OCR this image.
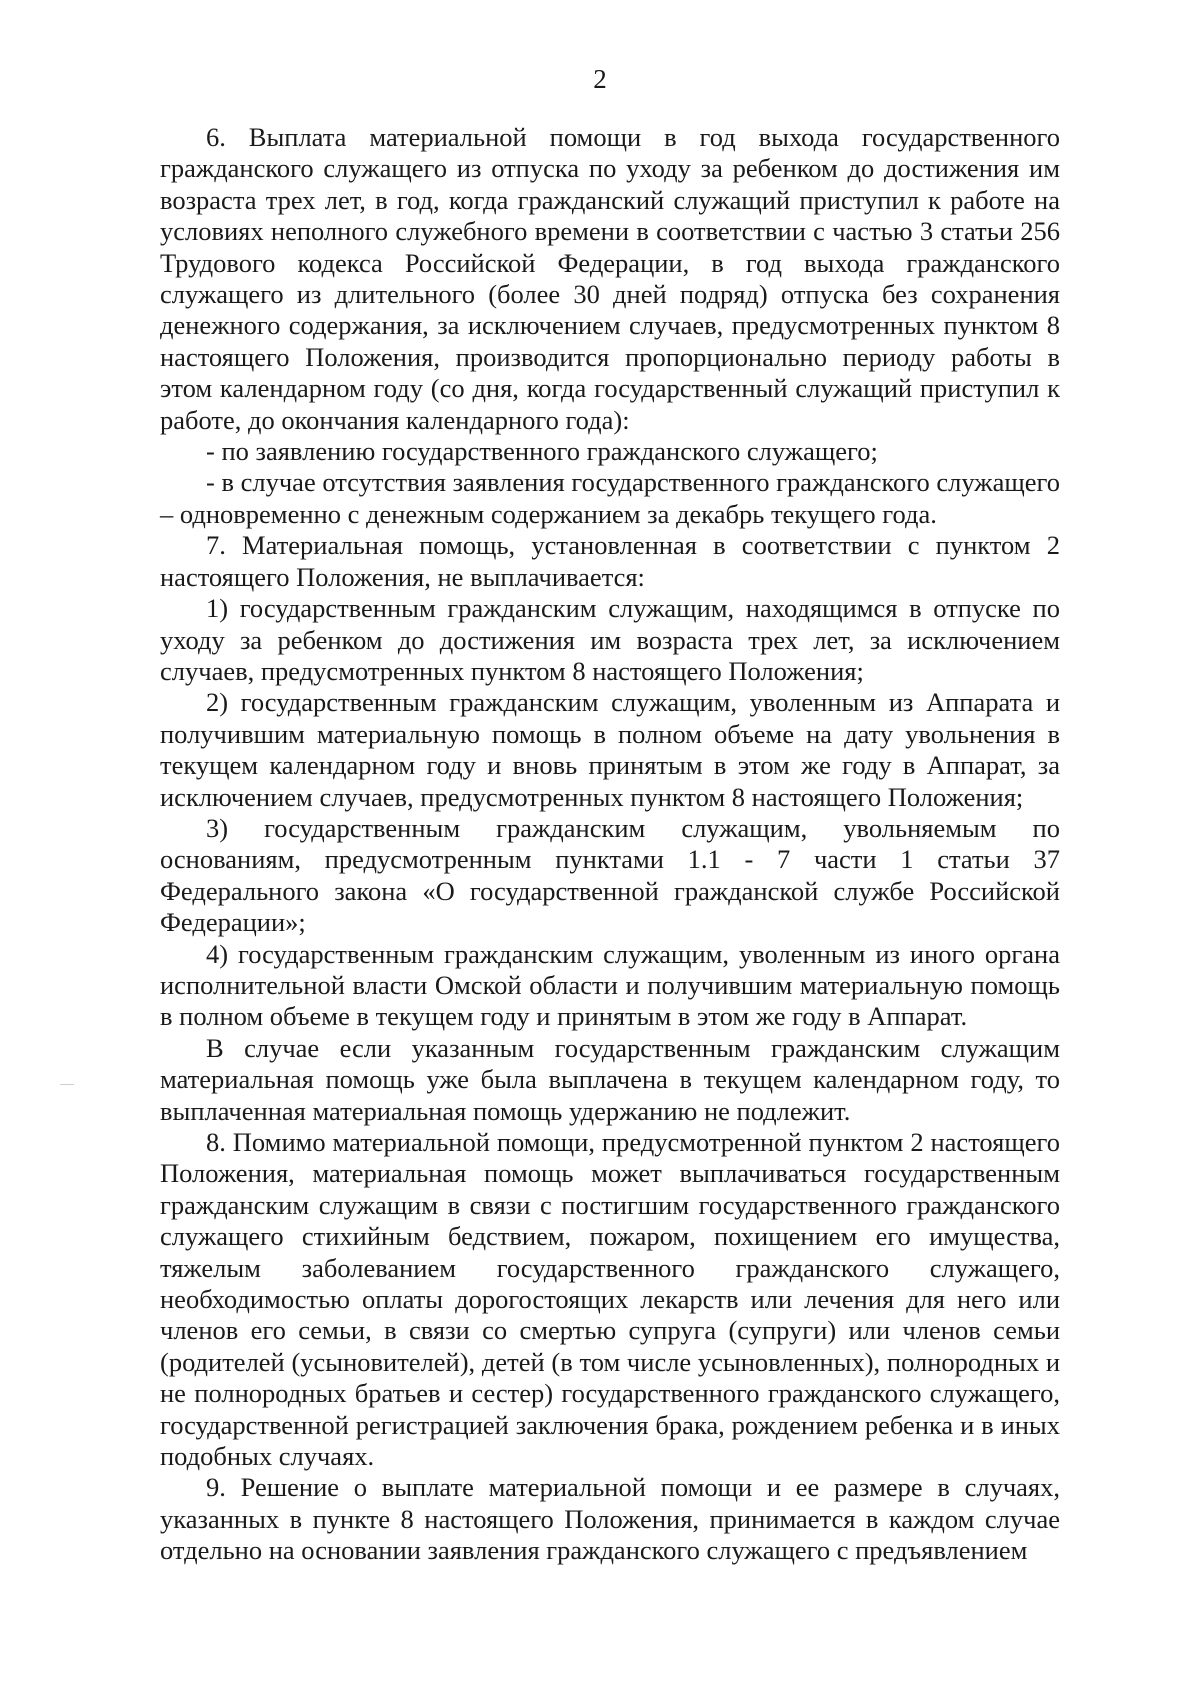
2

6. Выплата материальной помощи в год выхода государственного гражданского служащего из отпуска по уходу за ребенком до достижения им возраста трех лет, в год, когда гражданский служащий приступил к работе на условиях неполного служебного времени в соответствии с частью 3 статьи 256 Трудового кодекса Российской Федерации, в год выхода гражданского служащего из длительного (более 30 дней подряд) отпуска без сохранения денежного содержания, за исключением случаев, предусмотренных пунктом 8 настоящего Положения, производится пропорционально периоду работы в этом календарном году (со дня, когда государственный служащий приступил к работе, до окончания календарного года):

- по заявлению государственного гражданского служащего;

- в случае отсутствия заявления государственного гражданского служащего – одновременно с денежным содержанием за декабрь текущего года.

7. Материальная помощь, установленная в соответствии с пунктом 2 настоящего Положения, не выплачивается:

1) государственным гражданским служащим, находящимся в отпуске по уходу за ребенком до достижения им возраста трех лет, за исключением случаев, предусмотренных пунктом 8 настоящего Положения;

2) государственным гражданским служащим, уволенным из Аппарата и получившим материальную помощь в полном объеме на дату увольнения в текущем календарном году и вновь принятым в этом же году в Аппарат, за исключением случаев, предусмотренных пунктом 8 настоящего Положения;

3) государственным гражданским служащим, увольняемым по основаниям, предусмотренным пунктами 1.1 - 7 части 1 статьи 37 Федерального закона «О государственной гражданской службе Российской Федерации»;

4) государственным гражданским служащим, уволенным из иного органа исполнительной власти Омской области и получившим материальную помощь в полном объеме в текущем году и принятым в этом же году в Аппарат.

В случае если указанным государственным гражданским служащим материальная помощь уже была выплачена в текущем календарном году, то выплаченная материальная помощь удержанию не подлежит.

8. Помимо материальной помощи, предусмотренной пунктом 2 настоящего Положения, материальная помощь может выплачиваться государственным гражданским служащим в связи с постигшим государственного гражданского служащего стихийным бедствием, пожаром, похищением его имущества, тяжелым заболеванием государственного гражданского служащего, необходимостью оплаты дорогостоящих лекарств или лечения для него или членов его семьи, в связи со смертью супруга (супруги) или членов семьи (родителей (усыновителей), детей (в том числе усыновленных), полнородных и не полнородных братьев и сестер) государственного гражданского служащего, государственной регистрацией заключения брака, рождением ребенка и в иных подобных случаях.

9. Решение о выплате материальной помощи и ее размере в случаях, указанных в пункте 8 настоящего Положения, принимается в каждом случае отдельно на основании заявления гражданского служащего с предъявлением
